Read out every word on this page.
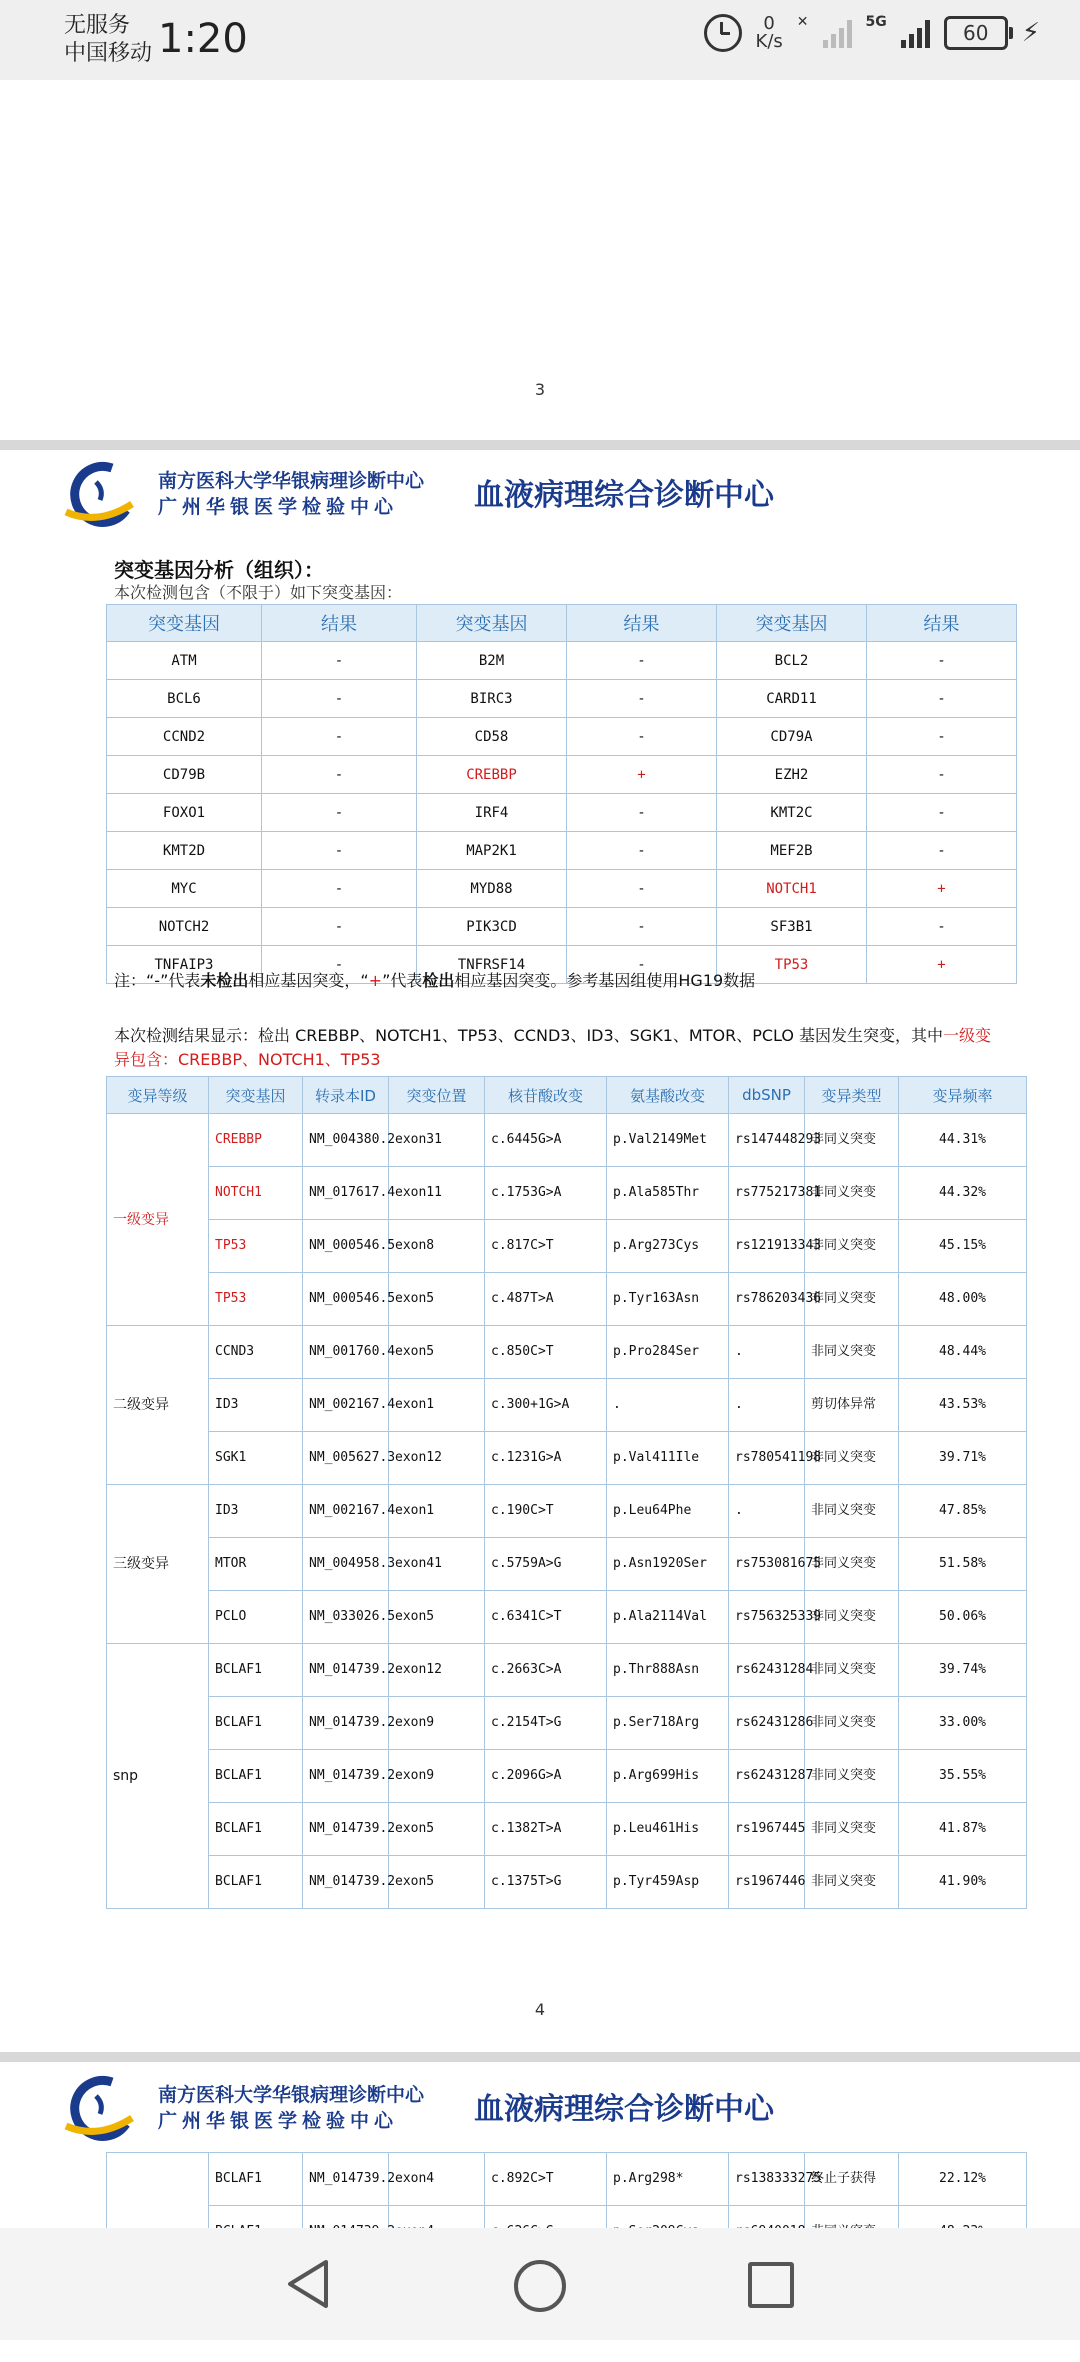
无服务
中国移动 1:20	0
K/s
✕	5G	60	⚡
3
南方医科大学华银病理诊断中心
广州华银医学检验中心	血液病理综合诊断中心
突变基因分析（组织）：
本次检测包含（不限于）如下突变基因：
突变基因	结果	突变基因	结果	突变基因	结果
ATM	-	B2M	-	BCL2	-
BCL6	-	BIRC3	-	CARD11	-
CCND2	-	CD58	-	CD79A	-
CD79B	-	CREBBP	+	EZH2	-
FOXO1	-	IRF4	-	KMT2C	-
KMT2D	-	MAP2K1	-	MEF2B	-
MYC	-	MYD88	-	NOTCH1	+
NOTCH2	-	PIK3CD	-	SF3B1	-
TNFAIP3	-	TNFRSF14	-	TP53	+
注：“-”代表未检出相应基因突变，“+”代表检出相应基因突变。参考基因组使用HG19数据
本次检测结果显示：检出 CREBBP、NOTCH1、TP53、CCND3、ID3、SGK1、MTOR、PCLO 基因发生突变，其中一级变异包含：CREBBP、NOTCH1、TP53
变异等级	突变基因	转录本ID	突变位置	核苷酸改变	氨基酸改变	dbSNP	变异类型	变异频率
一级变异	CREBBP	NM_004380.2	exon31	c.6445G>A	p.Val2149Met	rs147448293	非同义突变	44.31%
	NOTCH1	NM_017617.4	exon11	c.1753G>A	p.Ala585Thr	rs775217381	非同义突变	44.32%
	TP53	NM_000546.5	exon8	c.817C>T	p.Arg273Cys	rs121913343	非同义突变	45.15%
	TP53	NM_000546.5	exon5	c.487T>A	p.Tyr163Asn	rs786203436	非同义突变	48.00%
二级变异	CCND3	NM_001760.4	exon5	c.850C>T	p.Pro284Ser	.	非同义突变	48.44%
	ID3	NM_002167.4	exon1	c.300+1G>A	.	.	剪切体异常	43.53%
	SGK1	NM_005627.3	exon12	c.1231G>A	p.Val411Ile	rs780541198	非同义突变	39.71%
三级变异	ID3	NM_002167.4	exon1	c.190C>T	p.Leu64Phe	.	非同义突变	47.85%
	MTOR	NM_004958.3	exon41	c.5759A>G	p.Asn1920Ser	rs753081675	非同义突变	51.58%
	PCLO	NM_033026.5	exon5	c.6341C>T	p.Ala2114Val	rs756325339	非同义突变	50.06%
snp	BCLAF1	NM_014739.2	exon12	c.2663C>A	p.Thr888Asn	rs62431284	非同义突变	39.74%
	BCLAF1	NM_014739.2	exon9	c.2154T>G	p.Ser718Arg	rs62431286	非同义突变	33.00%
	BCLAF1	NM_014739.2	exon9	c.2096G>A	p.Arg699His	rs62431287	非同义突变	35.55%
	BCLAF1	NM_014739.2	exon5	c.1382T>A	p.Leu461His	rs1967445	非同义突变	41.87%
	BCLAF1	NM_014739.2	exon5	c.1375T>G	p.Tyr459Asp	rs1967446	非同义突变	41.90%
4
南方医科大学华银病理诊断中心
广州华银医学检验中心	血液病理综合诊断中心
	BCLAF1	NM_014739.2	exon4	c.892C>T	p.Arg298*	rs138333275	终止子获得	22.12%
